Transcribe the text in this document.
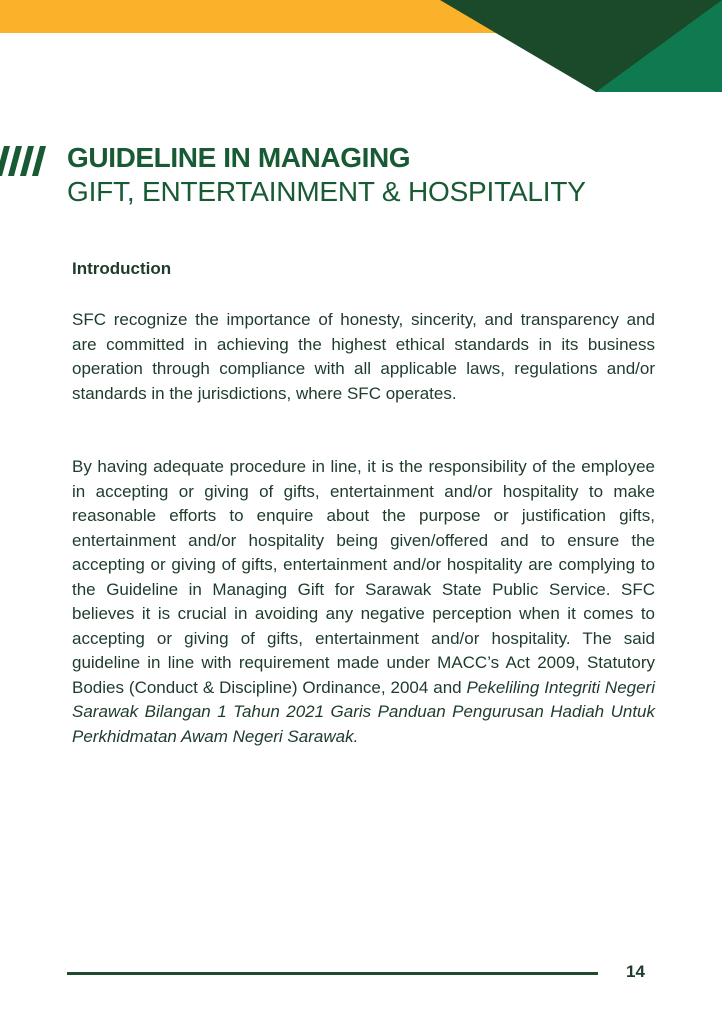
GUIDELINE IN MANAGING
GIFT, ENTERTAINMENT & HOSPITALITY
Introduction

SFC recognize the importance of honesty, sincerity, and transparency and are committed in achieving the highest ethical standards in its business operation through compliance with all applicable laws, regulations and/or standards in the jurisdictions, where SFC operates.

By having adequate procedure in line, it is the responsibility of the employee in accepting or giving of gifts, entertainment and/or hospitality to make reasonable efforts to enquire about the purpose or justification gifts, entertainment and/or hospitality being given/offered and to ensure the accepting or giving of gifts, entertainment and/or hospitality are complying to the Guideline in Managing Gift for Sarawak State Public Service. SFC believes it is crucial in avoiding any negative perception when it comes to accepting or giving of gifts, entertainment and/or hospitality. The said guideline in line with requirement made under MACC’s Act 2009, Statutory Bodies (Conduct & Discipline) Ordinance, 2004 and Pekeliling Integriti Negeri Sarawak Bilangan 1 Tahun 2021 Garis Panduan Pengurusan Hadiah Untuk Perkhidmatan Awam Negeri Sarawak.

14
